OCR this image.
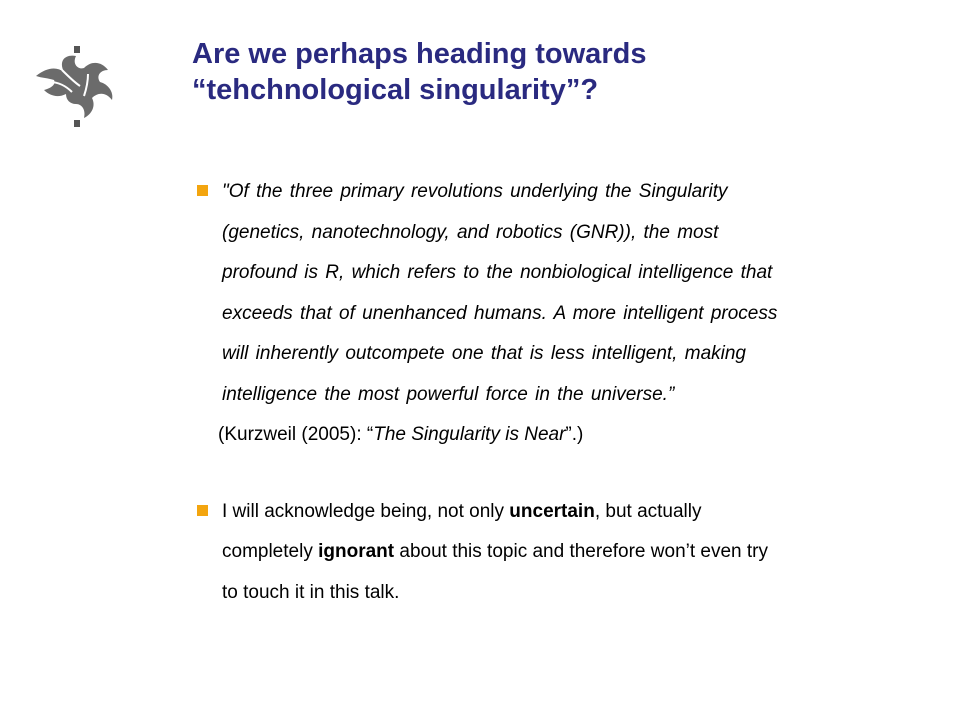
Are we perhaps heading towards
“tehchnological singularity”?
"Of the three primary revolutions underlying the Singularity
(genetics, nanotechnology, and robotics (GNR)), the most
profound is R, which refers to the nonbiological intelligence that
exceeds that of unenhanced humans. A more intelligent process
will inherently outcompete one that is less intelligent, making
intelligence the most powerful force in the universe.”
(Kurzweil (2005): “The Singularity is Near”.)
I will acknowledge being, not only uncertain, but actually
completely ignorant about this topic and therefore won’t even try
to touch it in this talk.
